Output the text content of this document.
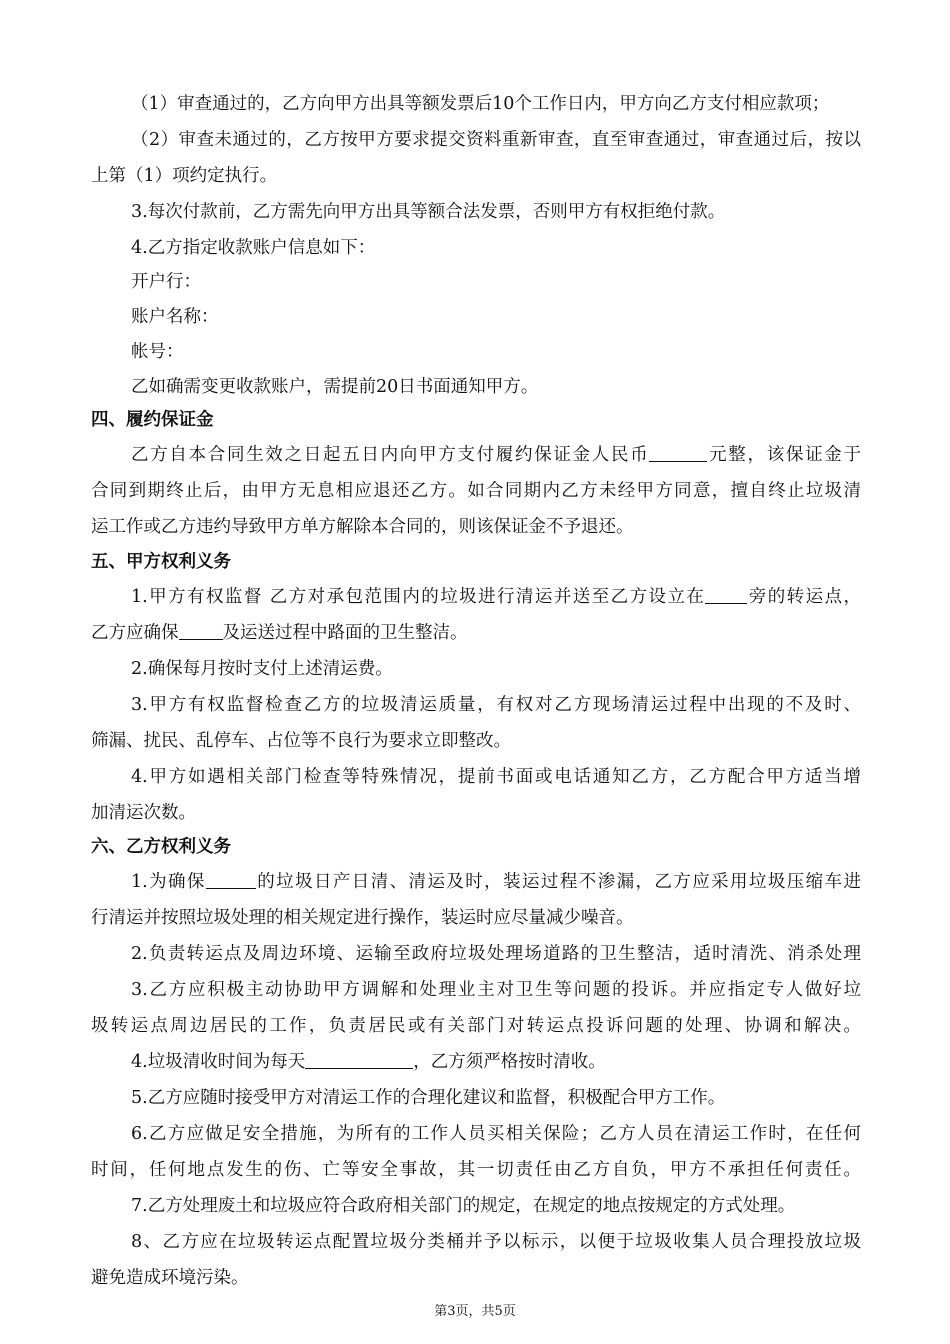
（1）审查通过的，乙方向甲方出具等额发票后10个工作日内，甲方向乙方支付相应款项；
（2）审查未通过的，乙方按甲方要求提交资料重新审查，直至审查通过，审查通过后，按以
上第（1）项约定执行。
3.每次付款前，乙方需先向甲方出具等额合法发票，否则甲方有权拒绝付款。
4.乙方指定收款账户信息如下：
开户行：
账户名称：
帐号：
乙如确需变更收款账户，需提前20日书面通知甲方。
四、履约保证金
乙方自本合同生效之日起五日内向甲方支付履约保证金人民币	元整，该保证金于
合同到期终止后，由甲方无息相应退还乙方。如合同期内乙方未经甲方同意，擅自终止垃圾清
运工作或乙方违约导致甲方单方解除本合同的，则该保证金不予退还。
五、甲方权利义务
1.甲方有权监督 乙方对承包范围内的垃圾进行清运并送至乙方设立在 旁的转运点，
乙方应确保	及运送过程中路面的卫生整洁。
2.确保每月按时支付上述清运费。
3.甲方有权监督检查乙方的垃圾清运质量，有权对乙方现场清运过程中出现的不及时、
筛漏、扰民、乱停车、占位等不良行为要求立即整改。
4.甲方如遇相关部门检查等特殊情况，提前书面或电话通知乙方，乙方配合甲方适当增
加清运次数。
六、乙方权利义务
1.为确保	的垃圾日产日清、清运及时，装运过程不渗漏，乙方应采用垃圾压缩车进
行清运并按照垃圾处理的相关规定进行操作，装运时应尽量减少噪音。
2.负责转运点及周边环境、运输至政府垃圾处理场道路的卫生整洁，适时清洗、消杀处理
3.乙方应积极主动协助甲方调解和处理业主对卫生等问题的投诉。并应指定专人做好垃
圾转运点周边居民的工作，负责居民或有关部门对转运点投诉问题的处理、协调和解决。
4.垃圾清收时间为每天	，乙方须严格按时清收。
5.乙方应随时接受甲方对清运工作的合理化建议和监督，积极配合甲方工作。
6.乙方应做足安全措施，为所有的工作人员买相关保险；乙方人员在清运工作时，在任何
时间，任何地点发生的伤、亡等安全事故，其一切责任由乙方自负，甲方不承担任何责任。
7.乙方处理废土和垃圾应符合政府相关部门的规定，在规定的地点按规定的方式处理。
8、乙方应在垃圾转运点配置垃圾分类桶并予以标示，以便于垃圾收集人员合理投放垃圾
避免造成环境污染。
第3页，共5页
